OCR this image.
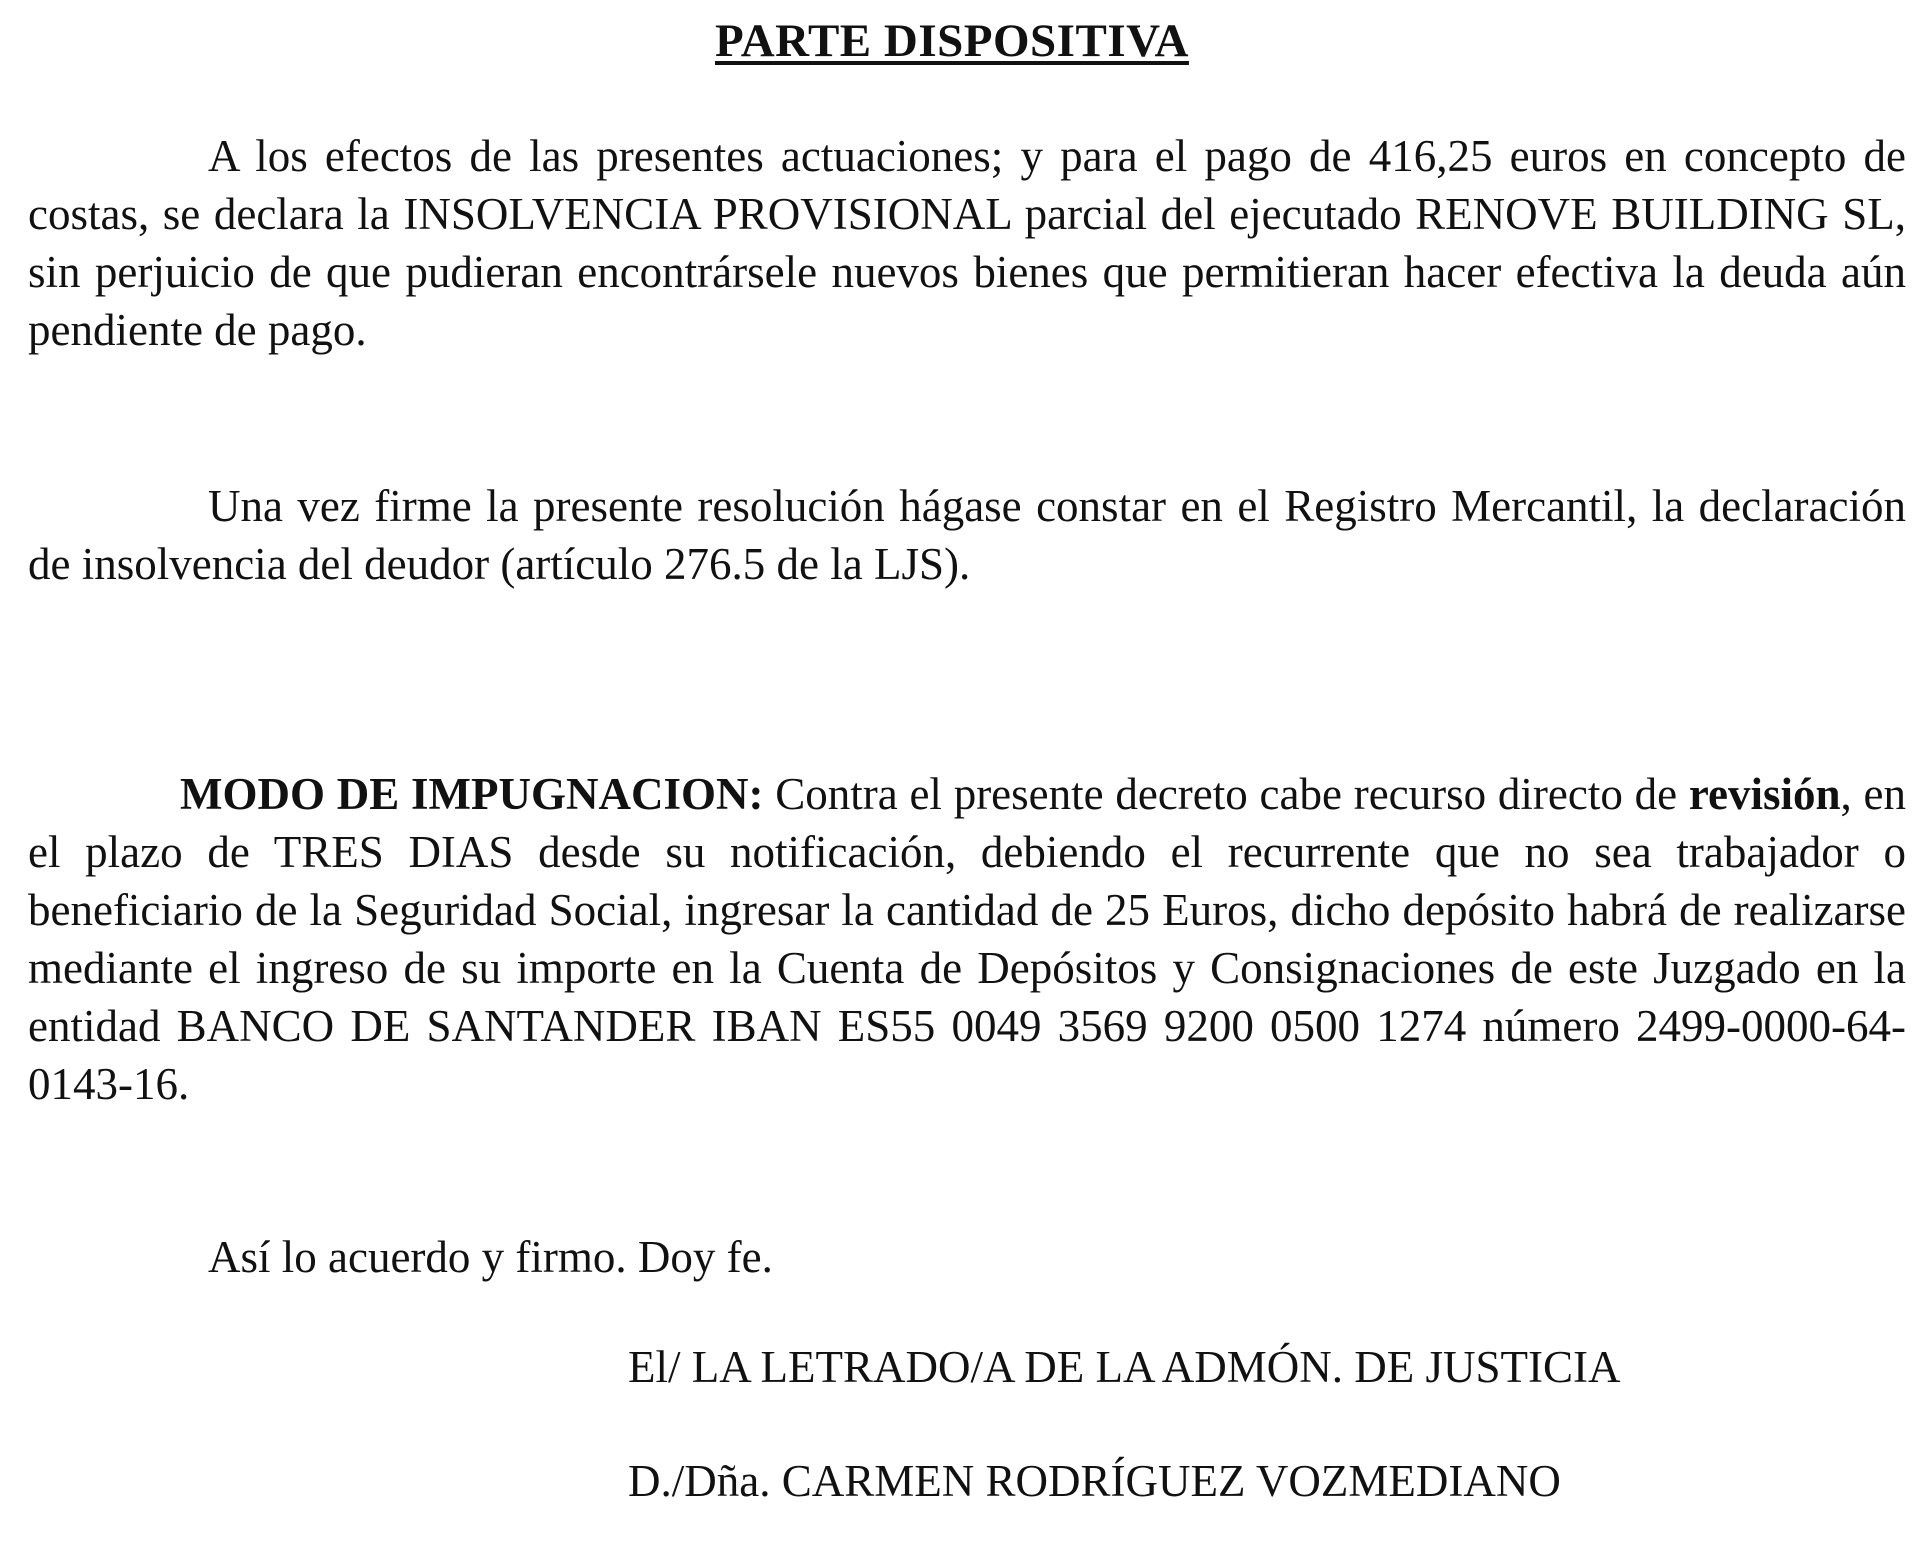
PARTE DISPOSITIVA

A los efectos de las presentes actuaciones; y para el pago de 416,25 euros en concepto de costas, se declara la INSOLVENCIA PROVISIONAL parcial del ejecutado RENOVE BUILDING SL, sin perjuicio de que pudieran encontrársele nuevos bienes que permitieran hacer efectiva la deuda aún pendiente de pago.

Una vez firme la presente resolución hágase constar en el Registro Mercantil, la declaración de insolvencia del deudor (artículo 276.5 de la LJS).

MODO DE IMPUGNACION: Contra el presente decreto cabe recurso directo de revisión, en el plazo de TRES DIAS desde su notificación, debiendo el recurrente que no sea trabajador o beneficiario de la Seguridad Social, ingresar la cantidad de 25 Euros, dicho depósito habrá de realizarse mediante el ingreso de su importe en la Cuenta de Depósitos y Consignaciones de este Juzgado en la entidad BANCO DE SANTANDER IBAN ES55 0049 3569 9200 0500 1274 número 2499-0000-64-0143-16.

Así lo acuerdo y firmo. Doy fe.
El/ LA LETRADO/A DE LA ADMÓN. DE JUSTICIA
D./Dña. CARMEN RODRÍGUEZ VOZMEDIANO
